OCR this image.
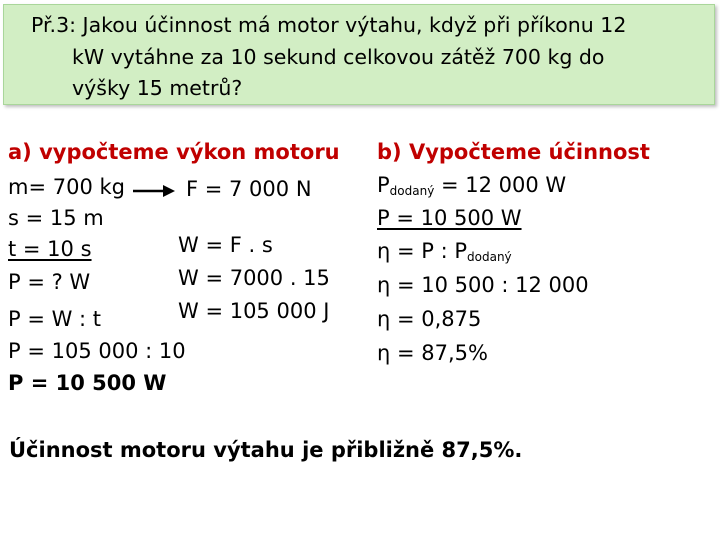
Př.3: Jakou účinnost má motor výtahu, když při příkonu 12
kW vytáhne za 10 sekund celkovou zátěž 700 kg do
výšky 15 metrů?
a) vypočteme výkon motoru
m= 700 kg	F = 7 000 N
s = 15 m
W = F . s
t = 10 s
W = 7000 . 15
P = ? W
W = 105 000 J
P = W : t
P = 105 000 : 10
P = 10 500 W
b) Vypočteme účinnost
$P_{dodaný} = 12$ 000 W
P = 10 500 W
η = P : $P_{dodaný}$
η = 10 500 : 12 000
η = 0,875
η = 87,5%
Účinnost motoru výtahu je přibližně 87,5%.
